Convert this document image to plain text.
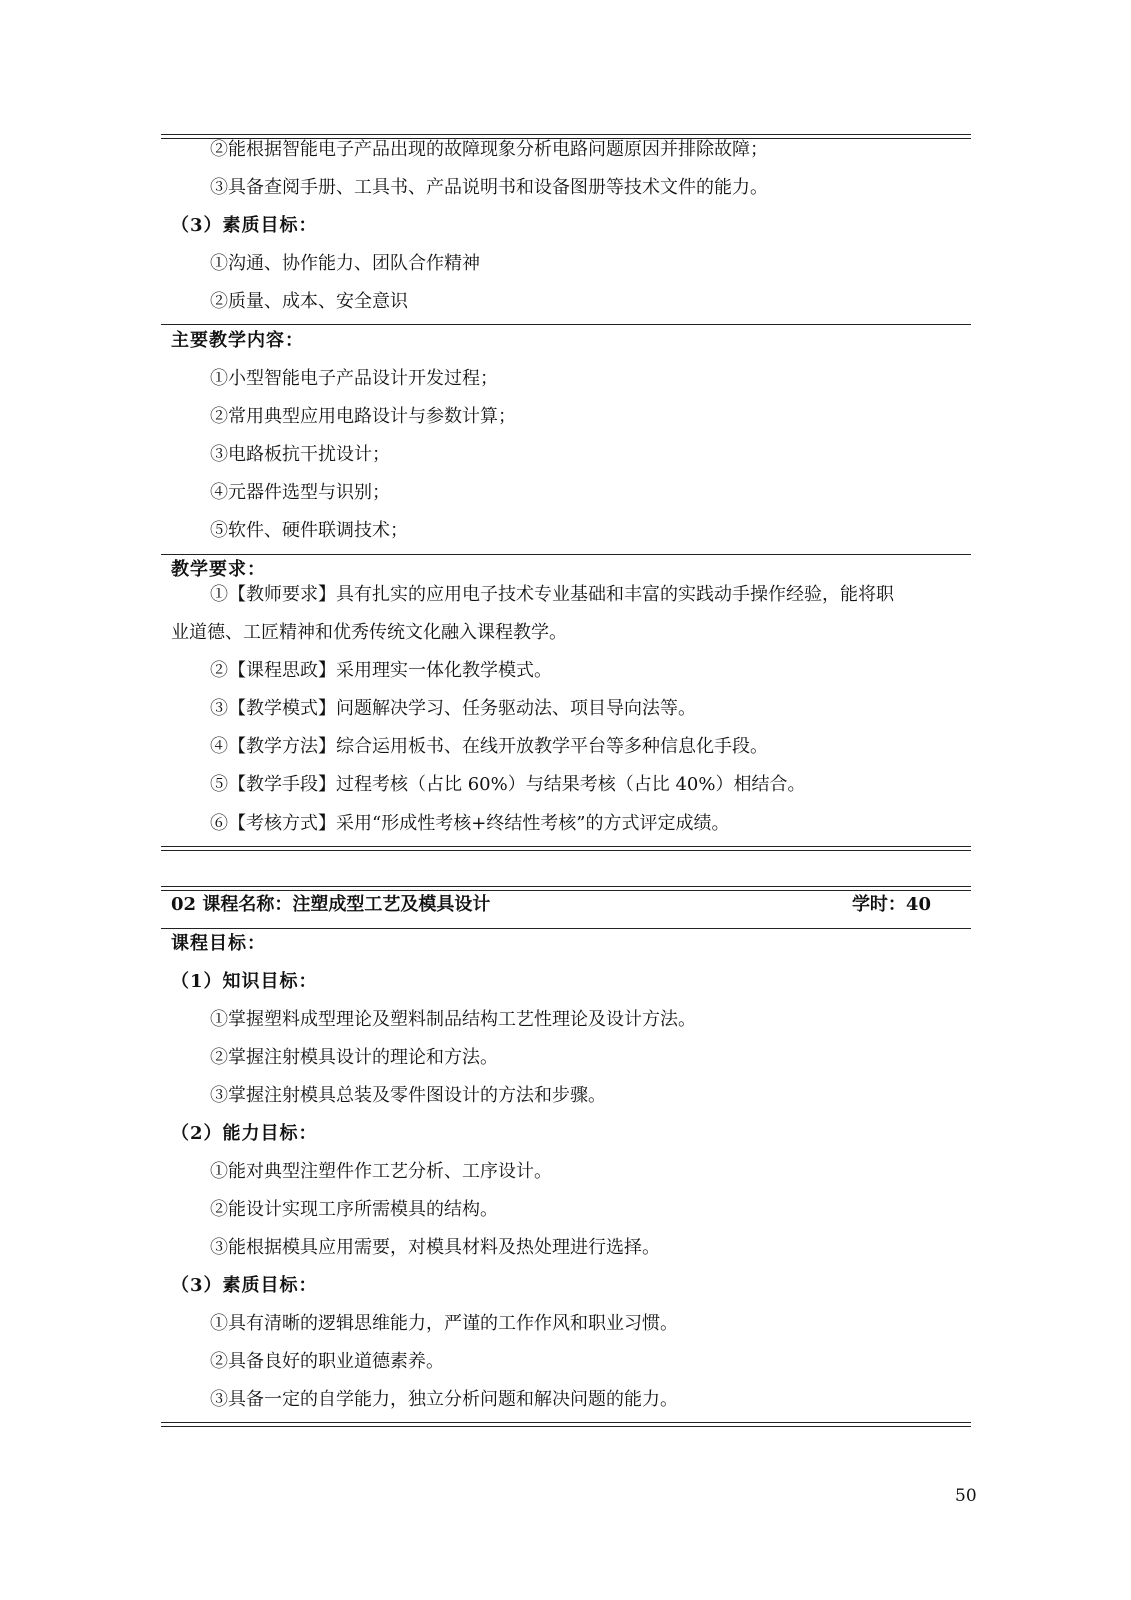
②能根据智能电子产品出现的故障现象分析电路问题原因并排除故障；
③具备查阅手册、工具书、产品说明书和设备图册等技术文件的能力。
（3）素质目标：
①沟通、协作能力、团队合作精神
②质量、成本、安全意识
主要教学内容：
①小型智能电子产品设计开发过程；
②常用典型应用电路设计与参数计算；
③电路板抗干扰设计；
④元器件选型与识别；
⑤软件、硬件联调技术；
教学要求：
①【教师要求】具有扎实的应用电子技术专业基础和丰富的实践动手操作经验，能将职
业道德、工匠精神和优秀传统文化融入课程教学。
②【课程思政】采用理实一体化教学模式。
③【教学模式】问题解决学习、任务驱动法、项目导向法等。
④【教学方法】综合运用板书、在线开放教学平台等多种信息化手段。
⑤【教学手段】过程考核（占比 60%）与结果考核（占比 40%）相结合。
⑥【考核方式】采用“形成性考核+终结性考核”的方式评定成绩。
02 课程名称：注塑成型工艺及模具设计	学时：40
课程目标：
（1）知识目标：
①掌握塑料成型理论及塑料制品结构工艺性理论及设计方法。
②掌握注射模具设计的理论和方法。
③掌握注射模具总装及零件图设计的方法和步骤。
（2）能力目标：
①能对典型注塑件作工艺分析、工序设计。
②能设计实现工序所需模具的结构。
③能根据模具应用需要，对模具材料及热处理进行选择。
（3）素质目标：
①具有清晰的逻辑思维能力，严谨的工作作风和职业习惯。
②具备良好的职业道德素养。
③具备一定的自学能力，独立分析问题和解决问题的能力。
50
